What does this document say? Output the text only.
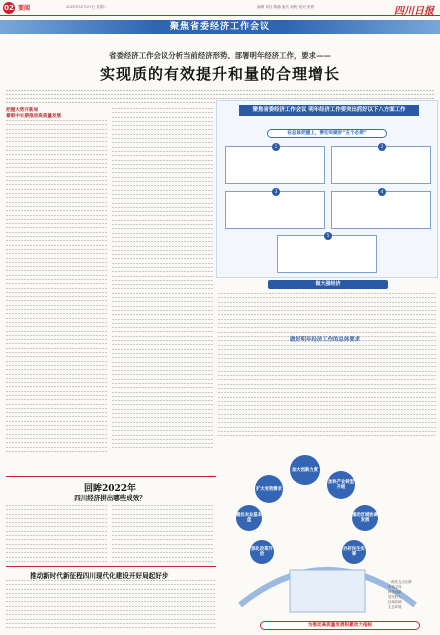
02 要闻	2022年12月27日 星期二	编辑 刘佳 陈璐 版式 何锐 校对 张婷	四川日报
聚焦省委经济工作会议
省委经济工作会议分析当前经济形势、部署明年经济工作，要求——
实现质的有效提升和量的合理增长
把握大势开新局
着眼中长期推动高质量发展
聚焦省委经济工作会议 明年经济工作要突出抓好以下八方面工作
在总体把握上，要切实做好“五个必须”
1	2
3	4
5
做大强经济
做好明年经济工作的总体要求
加大创新力度
加快产业转型升级
扩大有效需求
稳住农业基本盘
推动区域协调发展
深化改革开放
办好民生实事
一般性支出压降
市场主体
科技创新
居民收入
区域协调
生态环境
为推动高质量发展积累动力指标
回眸2022年
四川经济拼出哪些成效？
推动新时代新征程四川现代化建设开好局起好步
